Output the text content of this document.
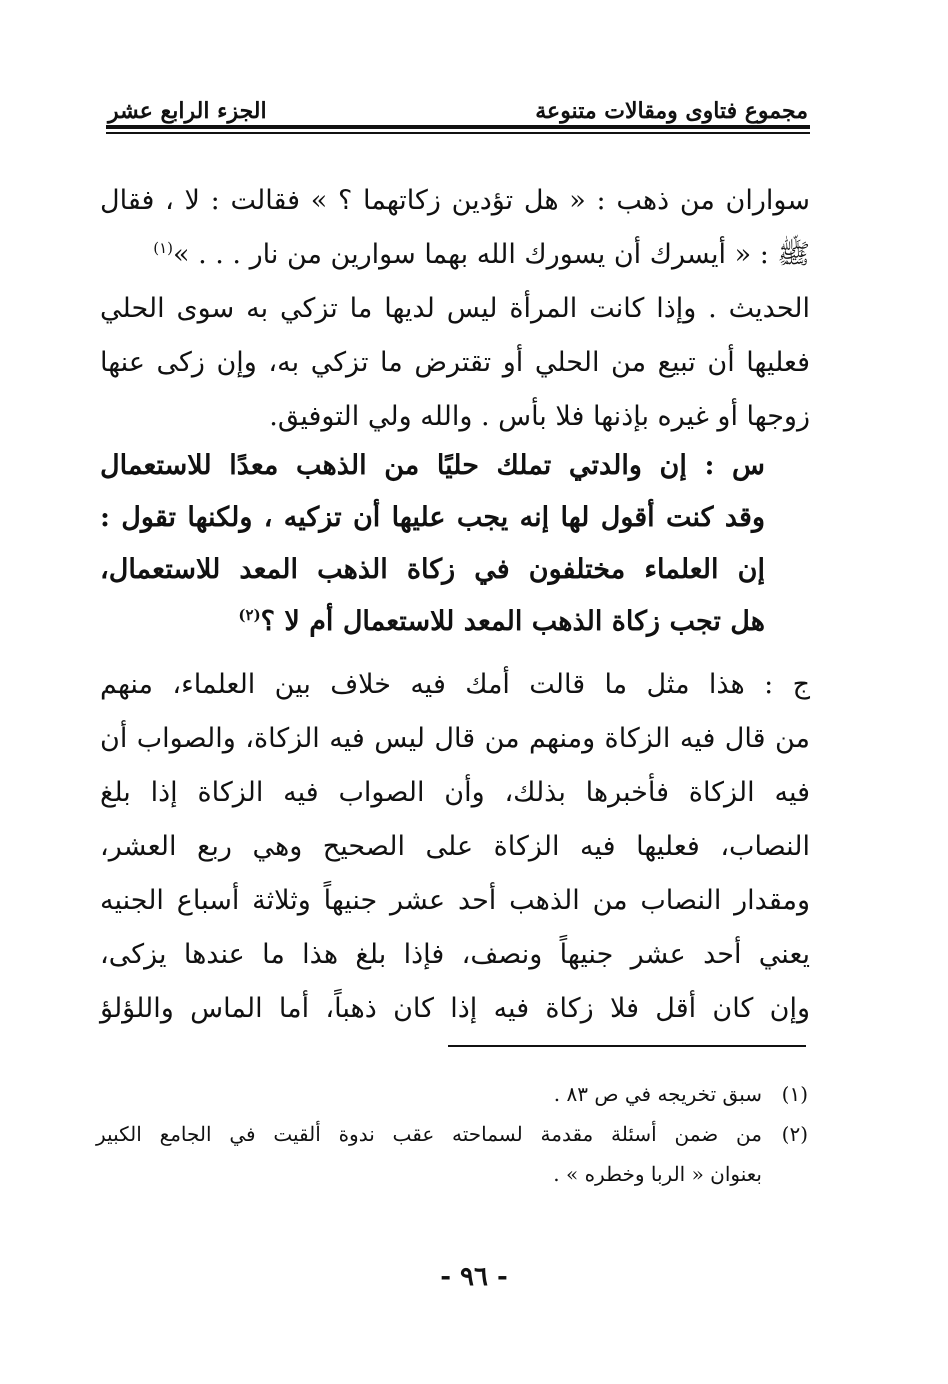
مجموع فتاوى ومقالات متنوعة
الجزء الرابع عشر
سواران من ذهب : « هل تؤدين زكاتهما ؟ » فقالت : لا ، فقال
ﷺ : « أيسرك أن يسورك الله بهما سوارين من نار . . . »$^{(١)}$
الحديث . وإذا كانت المرأة ليس لديها ما تزكي به سوى الحلي
فعليها أن تبيع من الحلي أو تقترض ما تزكي به، وإن زكى عنها
زوجها أو غيره بإذنها فلا بأس . والله ولي التوفيق.
س : إن والدتي تملك حليًا من الذهب معدًا للاستعمال
وقد كنت أقول لها إنه يجب عليها أن تزكيه ، ولكنها تقول :
إن العلماء مختلفون في زكاة الذهب المعد للاستعمال،
هل تجب زكاة الذهب المعد للاستعمال أم لا ؟$^{(٢)}$
ج : هذا مثل ما قالت أمك فيه خلاف بين العلماء، منهم
من قال فيه الزكاة ومنهم من قال ليس فيه الزكاة، والصواب أن
فيه الزكاة فأخبرها بذلك، وأن الصواب فيه الزكاة إذا بلغ
النصاب، فعليها فيه الزكاة على الصحيح وهي ربع العشر،
ومقدار النصاب من الذهب أحد عشر جنيهاً وثلاثة أسباع الجنيه
يعني أحد عشر جنيهاً ونصف، فإذا بلغ هذا ما عندها يزكى،
وإن كان أقل فلا زكاة فيه إذا كان ذهباً، أما الماس واللؤلؤ
(١)
سبق تخريجه في ص ٨٣ .
(٢)
من ضمن أسئلة مقدمة لسماحته عقب ندوة ألقيت في الجامع الكبير
بعنوان « الربا وخطره » .
- ٩٦ -
